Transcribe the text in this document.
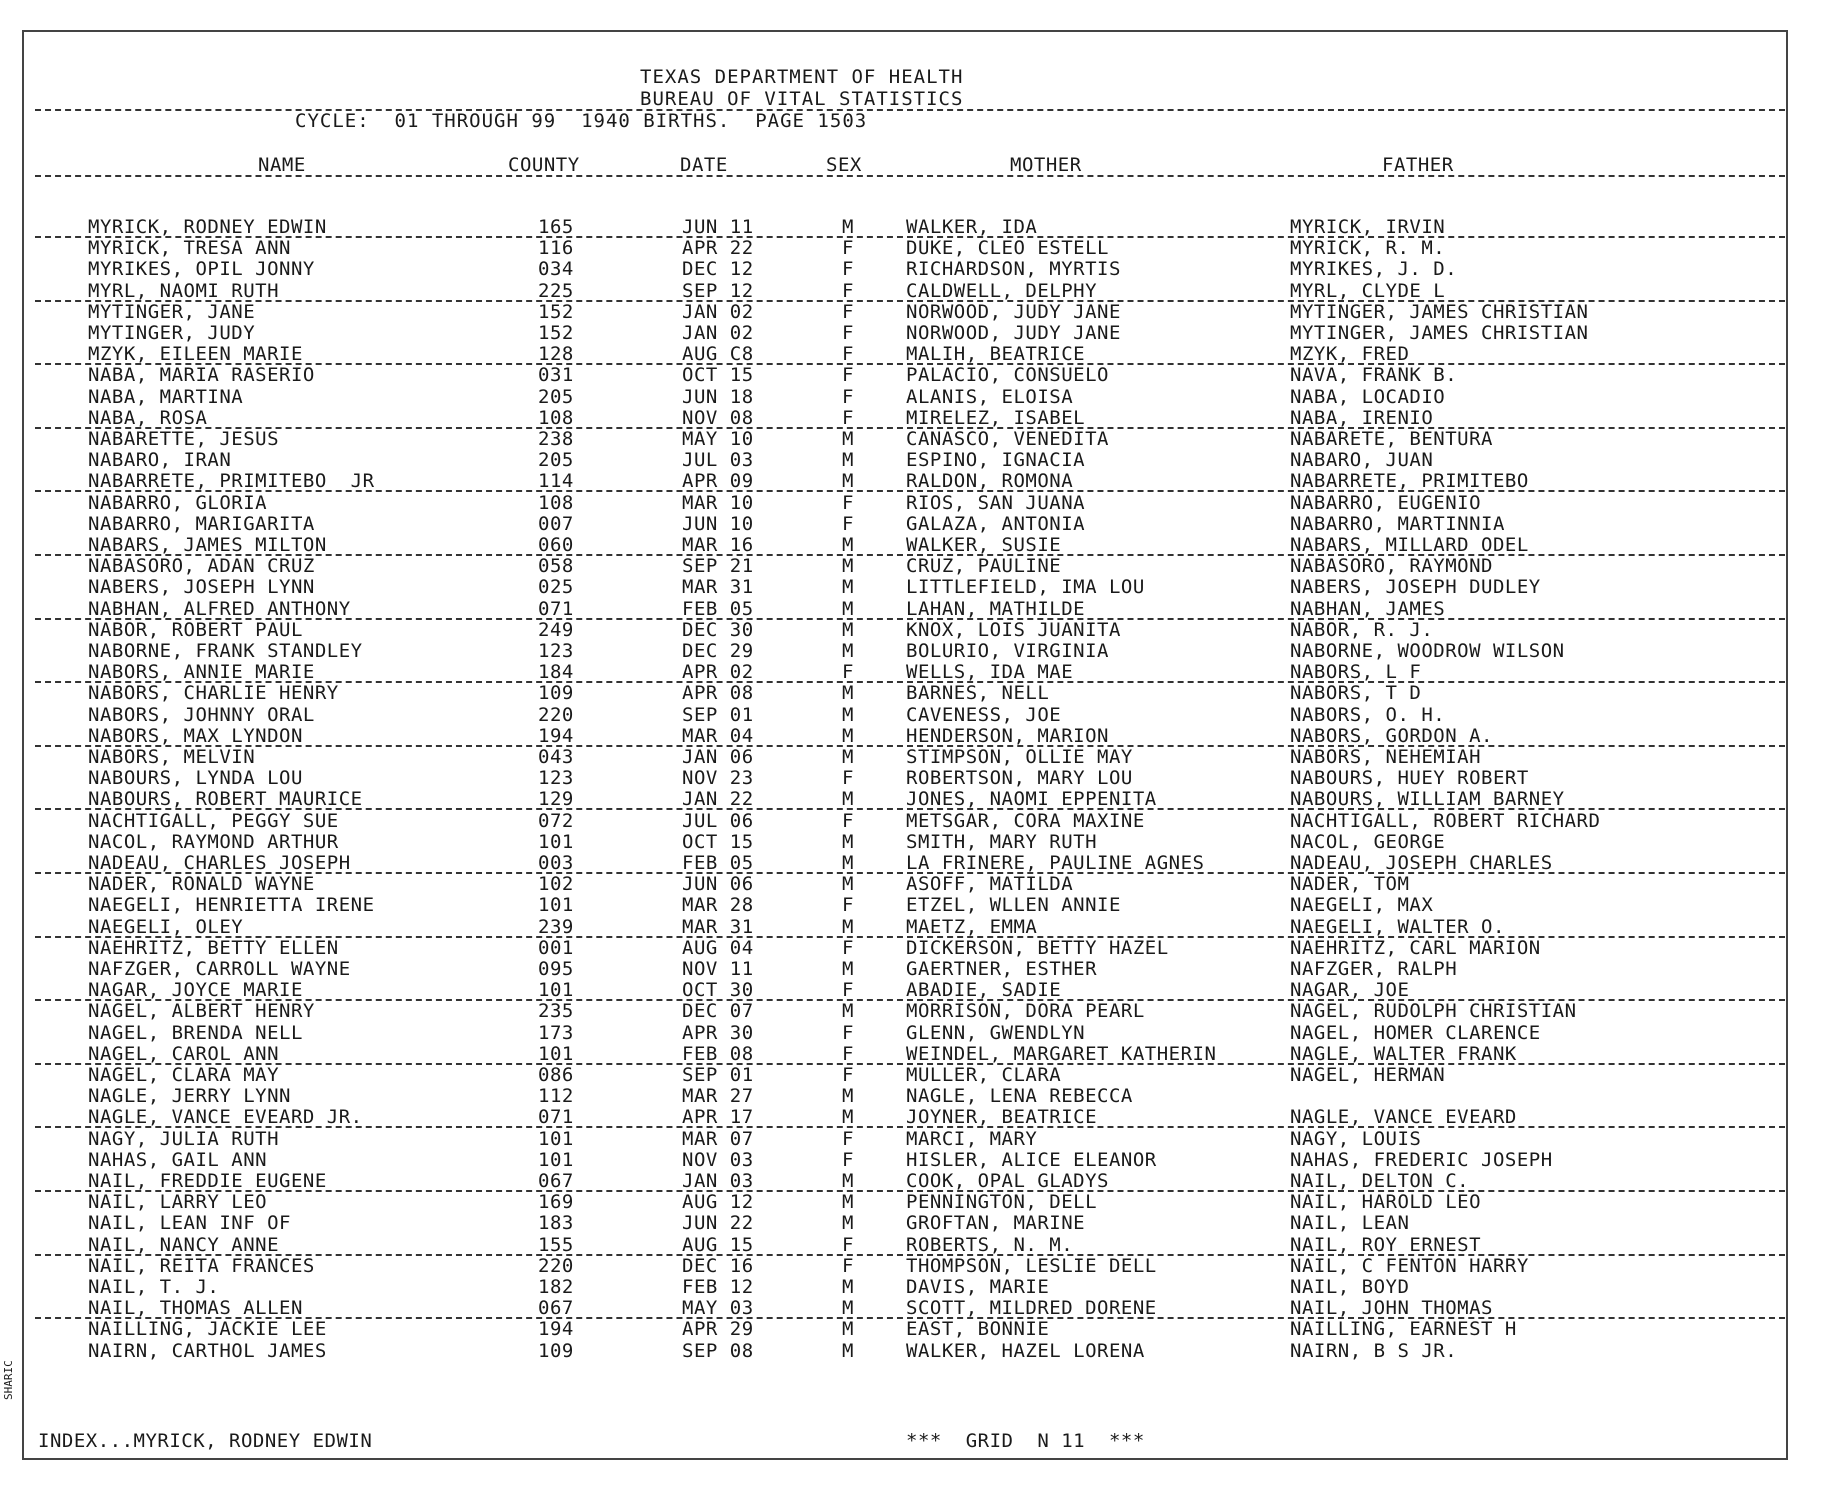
TEXAS DEPARTMENT OF HEALTH
BUREAU OF VITAL STATISTICS
CYCLE:  01 THROUGH 99  1940 BIRTHS.  PAGE 1503
NAME	COUNTY	DATE	SEX	MOTHER	FATHER
MYRICK, RODNEY EDWIN	165	JUN 11	M	WALKER, IDA	MYRICK, IRVIN
MYRICK, TRESA ANN	116	APR 22	F	DUKE, CLEO ESTELL	MYRICK, R. M.
MYRIKES, OPIL JONNY	034	DEC 12	F	RICHARDSON, MYRTIS	MYRIKES, J. D.
MYRL, NAOMI RUTH	225	SEP 12	F	CALDWELL, DELPHY	MYRL, CLYDE L
MYTINGER, JANE	152	JAN 02	F	NORWOOD, JUDY JANE	MYTINGER, JAMES CHRISTIAN
MYTINGER, JUDY	152	JAN 02	F	NORWOOD, JUDY JANE	MYTINGER, JAMES CHRISTIAN
MZYK, EILEEN MARIE	128	AUG C8	F	MALIH, BEATRICE	MZYK, FRED
NABA, MARIA RASERIO	031	OCT 15	F	PALACIO, CONSUELO	NAVA, FRANK B.
NABA, MARTINA	205	JUN 18	F	ALANIS, ELOISA	NABA, LOCADIO
NABA, ROSA	108	NOV 08	F	MIRELEZ, ISABEL	NABA, IRENIO
NABARETTE, JESUS	238	MAY 10	M	CANASCO, VENEDITA	NABARETE, BENTURA
NABARO, IRAN	205	JUL 03	M	ESPINO, IGNACIA	NABARO, JUAN
NABARRETE, PRIMITEBO  JR	114	APR 09	M	RALDON, ROMONA	NABARRETE, PRIMITEBO
NABARRO, GLORIA	108	MAR 10	F	RIOS, SAN JUANA	NABARRO, EUGENIO
NABARRO, MARIGARITA	007	JUN 10	F	GALAZA, ANTONIA	NABARRO, MARTINNIA
NABARS, JAMES MILTON	060	MAR 16	M	WALKER, SUSIE	NABARS, MILLARD ODEL
NABASORO, ADAN CRUZ	058	SEP 21	M	CRUZ, PAULINE	NABASORO, RAYMOND
NABERS, JOSEPH LYNN	025	MAR 31	M	LITTLEFIELD, IMA LOU	NABERS, JOSEPH DUDLEY
NABHAN, ALFRED ANTHONY	071	FEB 05	M	LAHAN, MATHILDE	NABHAN, JAMES
NABOR, ROBERT PAUL	249	DEC 30	M	KNOX, LOIS JUANITA	NABOR, R. J.
NABORNE, FRANK STANDLEY	123	DEC 29	M	BOLURIO, VIRGINIA	NABORNE, WOODROW WILSON
NABORS, ANNIE MARIE	184	APR 02	F	WELLS, IDA MAE	NABORS, L F
NABORS, CHARLIE HENRY	109	APR 08	M	BARNES, NELL	NABORS, T D
NABORS, JOHNNY ORAL	220	SEP 01	M	CAVENESS, JOE	NABORS, O. H.
NABORS, MAX LYNDON	194	MAR 04	M	HENDERSON, MARION	NABORS, GORDON A.
NABORS, MELVIN	043	JAN 06	M	STIMPSON, OLLIE MAY	NABORS, NEHEMIAH
NABOURS, LYNDA LOU	123	NOV 23	F	ROBERTSON, MARY LOU	NABOURS, HUEY ROBERT
NABOURS, ROBERT MAURICE	129	JAN 22	M	JONES, NAOMI EPPENITA	NABOURS, WILLIAM BARNEY
NACHTIGALL, PEGGY SUE	072	JUL 06	F	METSGAR, CORA MAXINE	NACHTIGALL, ROBERT RICHARD
NACOL, RAYMOND ARTHUR	101	OCT 15	M	SMITH, MARY RUTH	NACOL, GEORGE
NADEAU, CHARLES JOSEPH	003	FEB 05	M	LA FRINERE, PAULINE AGNES	NADEAU, JOSEPH CHARLES
NADER, RONALD WAYNE	102	JUN 06	M	ASOFF, MATILDA	NADER, TOM
NAEGELI, HENRIETTA IRENE	101	MAR 28	F	ETZEL, WLLEN ANNIE	NAEGELI, MAX
NAEGELI, OLEY	239	MAR 31	M	MAETZ, EMMA	NAEGELI, WALTER O.
NAEHRITZ, BETTY ELLEN	001	AUG 04	F	DICKERSON, BETTY HAZEL	NAEHRITZ, CARL MARION
NAFZGER, CARROLL WAYNE	095	NOV 11	M	GAERTNER, ESTHER	NAFZGER, RALPH
NAGAR, JOYCE MARIE	101	OCT 30	F	ABADIE, SADIE	NAGAR, JOE
NAGEL, ALBERT HENRY	235	DEC 07	M	MORRISON, DORA PEARL	NAGEL, RUDOLPH CHRISTIAN
NAGEL, BRENDA NELL	173	APR 30	F	GLENN, GWENDLYN	NAGEL, HOMER CLARENCE
NAGEL, CAROL ANN	101	FEB 08	F	WEINDEL, MARGARET KATHERIN	NAGLE, WALTER FRANK
NAGEL, CLARA MAY	086	SEP 01	F	MULLER, CLARA	NAGEL, HERMAN
NAGLE, JERRY LYNN	112	MAR 27	M	NAGLE, LENA REBECCA
NAGLE, VANCE EVEARD JR.	071	APR 17	M	JOYNER, BEATRICE	NAGLE, VANCE EVEARD
NAGY, JULIA RUTH	101	MAR 07	F	MARCI, MARY	NAGY, LOUIS
NAHAS, GAIL ANN	101	NOV 03	F	HISLER, ALICE ELEANOR	NAHAS, FREDERIC JOSEPH
NAIL, FREDDIE EUGENE	067	JAN 03	M	COOK, OPAL GLADYS	NAIL, DELTON C.
NAIL, LARRY LEO	169	AUG 12	M	PENNINGTON, DELL	NAIL, HAROLD LEO
NAIL, LEAN INF OF	183	JUN 22	M	GROFTAN, MARINE	NAIL, LEAN
NAIL, NANCY ANNE	155	AUG 15	F	ROBERTS, N. M.	NAIL, ROY ERNEST
NAIL, REITA FRANCES	220	DEC 16	F	THOMPSON, LESLIE DELL	NAIL, C FENTON HARRY
NAIL, T. J.	182	FEB 12	M	DAVIS, MARIE	NAIL, BOYD
NAIL, THOMAS ALLEN	067	MAY 03	M	SCOTT, MILDRED DORENE	NAIL, JOHN THOMAS
NAILLING, JACKIE LEE	194	APR 29	M	EAST, BONNIE	NAILLING, EARNEST H
NAIRN, CARTHOL JAMES	109	SEP 08	M	WALKER, HAZEL LORENA	NAIRN, B S JR.
INDEX...MYRICK, RODNEY EDWIN	***  GRID  N 11  ***
SHARIC
